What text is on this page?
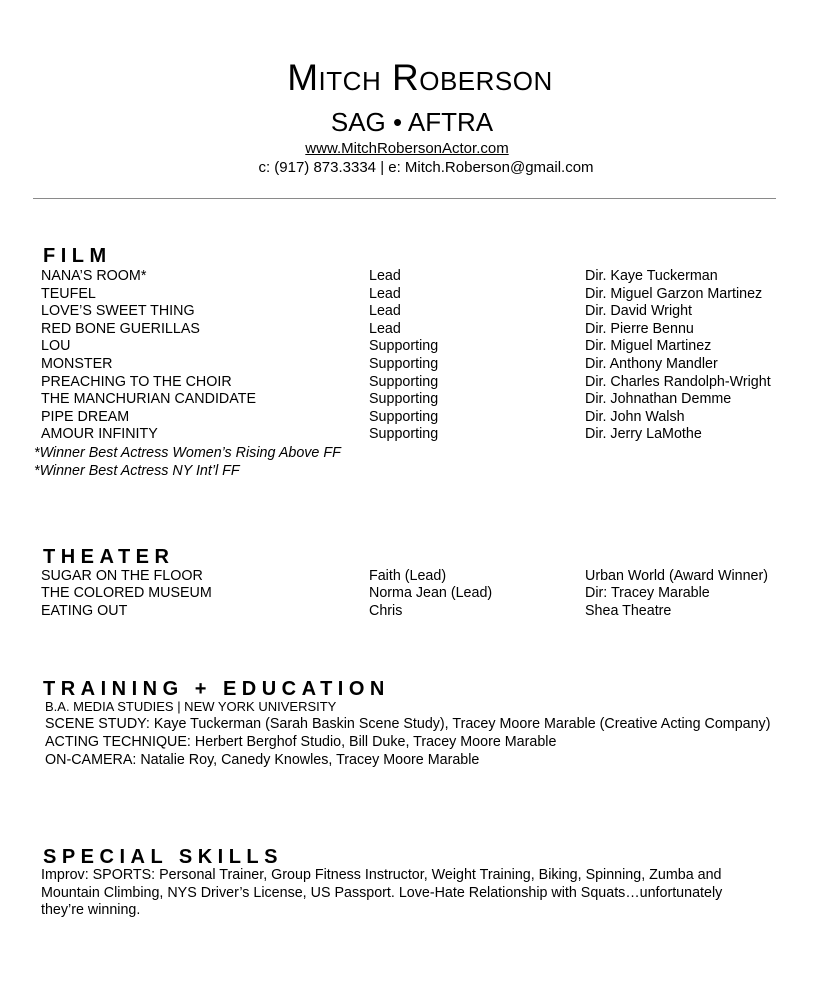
Mitch Roberson
SAG • AFTRA
www.MitchRobersonActor.com
c: (917) 873.3334 | e: Mitch.Roberson@gmail.com
FILM
NANA’S ROOM*	Lead	Dir. Kaye Tuckerman
TEUFEL	Lead	Dir. Miguel Garzon Martinez
LOVE’S SWEET THING	Lead	Dir. David Wright
RED BONE GUERILLAS	Lead	Dir. Pierre Bennu
LOU	Supporting	Dir. Miguel Martinez
MONSTER	Supporting	Dir. Anthony Mandler
PREACHING TO THE CHOIR	Supporting	Dir. Charles Randolph-Wright
THE MANCHURIAN CANDIDATE	Supporting	Dir. Johnathan Demme
PIPE DREAM	Supporting	Dir. John Walsh
AMOUR INFINITY	Supporting	Dir. Jerry LaMothe
*Winner Best Actress Women’s Rising Above FF
*Winner Best Actress NY Int’l FF
THEATER
SUGAR ON THE FLOOR	Faith (Lead)	Urban World (Award Winner)
THE COLORED MUSEUM	Norma Jean (Lead)	Dir: Tracey Marable
EATING OUT	Chris	Shea Theatre
TRAINING + EDUCATION
B.A. MEDIA STUDIES | NEW YORK UNIVERSITY
SCENE STUDY: Kaye Tuckerman (Sarah Baskin Scene Study), Tracey Moore Marable (Creative Acting Company)
ACTING TECHNIQUE: Herbert Berghof Studio, Bill Duke, Tracey Moore Marable
ON-CAMERA: Natalie Roy, Canedy Knowles, Tracey Moore Marable
SPECIAL SKILLS
Improv: SPORTS: Personal Trainer, Group Fitness Instructor, Weight Training, Biking, Spinning, Zumba and Mountain Climbing, NYS Driver’s License, US Passport. Love-Hate Relationship with Squats…unfortunately they’re winning.
